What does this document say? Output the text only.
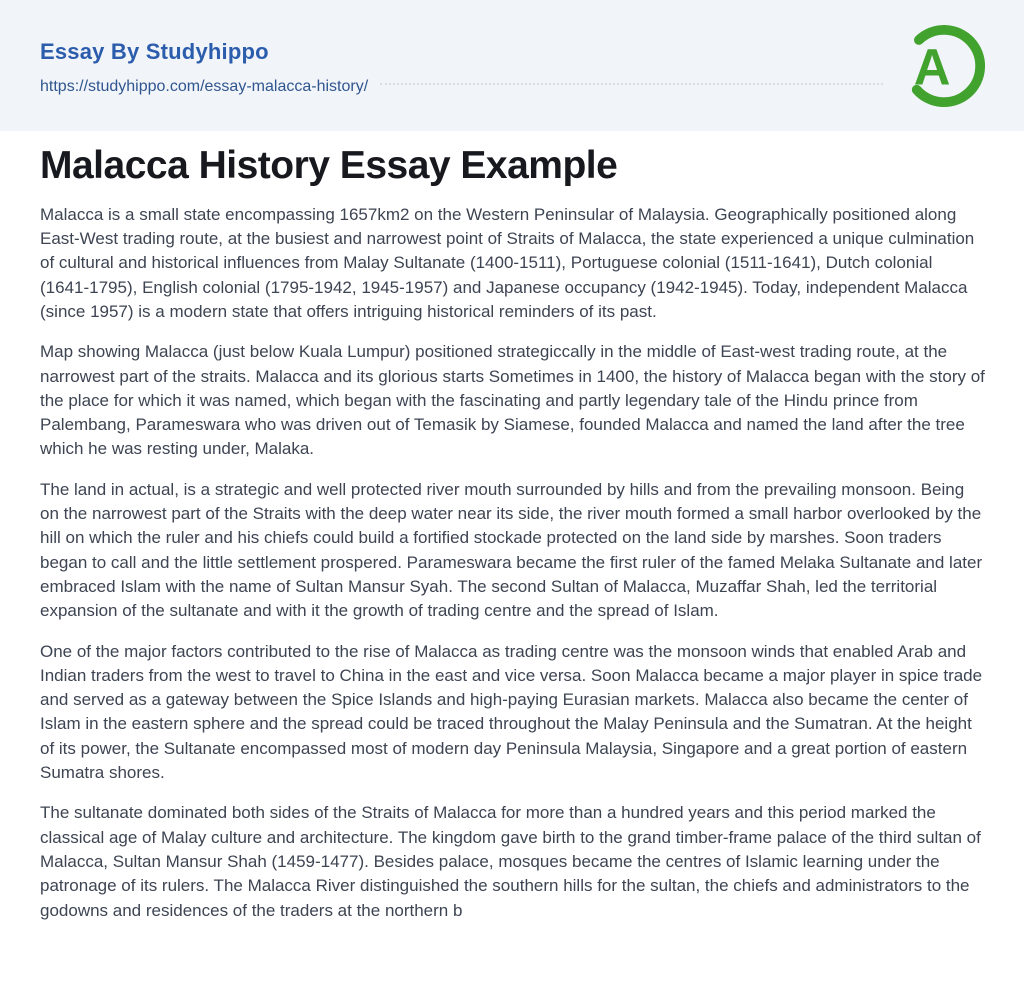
Essay By Studyhippo
https://studyhippo.com/essay-malacca-history/	A
Malacca History Essay Example

Malacca is a small state encompassing 1657km2 on the Western Peninsular of Malaysia. Geographically positioned along East-West trading route, at the busiest and narrowest point of Straits of Malacca, the state experienced a unique culmination of cultural and historical influences from Malay Sultanate (1400-1511), Portuguese colonial (1511-1641), Dutch colonial (1641-1795), English colonial (1795-1942, 1945-1957) and Japanese occupancy (1942-1945). Today, independent Malacca (since 1957) is a modern state that offers intriguing historical reminders of its past.

Map showing Malacca (just below Kuala Lumpur) positioned strategiccally in the middle of East-west trading route, at the narrowest part of the straits. Malacca and its glorious starts Sometimes in 1400, the history of Malacca began with the story of the place for which it was named, which began with the fascinating and partly legendary tale of the Hindu prince from Palembang, Parameswara who was driven out of Temasik by Siamese, founded Malacca and named the land after the tree which he was resting under, Malaka.

The land in actual, is a strategic and well protected river mouth surrounded by hills and from the prevailing monsoon. Being on the narrowest part of the Straits with the deep water near its side, the river mouth formed a small harbor overlooked by the hill on which the ruler and his chiefs could build a fortified stockade protected on the land side by marshes. Soon traders began to call and the little settlement prospered. Parameswara became the first ruler of the famed Melaka Sultanate and later embraced Islam with the name of Sultan Mansur Syah. The second Sultan of Malacca, Muzaffar Shah, led the territorial expansion of the sultanate and with it the growth of trading centre and the spread of Islam.

One of the major factors contributed to the rise of Malacca as trading centre was the monsoon winds that enabled Arab and Indian traders from the west to travel to China in the east and vice versa. Soon Malacca became a major player in spice trade and served as a gateway between the Spice Islands and high-paying Eurasian markets. Malacca also became the center of Islam in the eastern sphere and the spread could be traced throughout the Malay Peninsula and the Sumatran. At the height of its power, the Sultanate encompassed most of modern day Peninsula Malaysia, Singapore and a great portion of eastern Sumatra shores.

The sultanate dominated both sides of the Straits of Malacca for more than a hundred years and this period marked the classical age of Malay culture and architecture. The kingdom gave birth to the grand timber-frame palace of the third sultan of Malacca, Sultan Mansur Shah (1459-1477). Besides palace, mosques became the centres of Islamic learning under the patronage of its rulers. The Malacca River distinguished the southern hills for the sultan, the chiefs and administrators to the godowns and residences of the traders at the northern b
